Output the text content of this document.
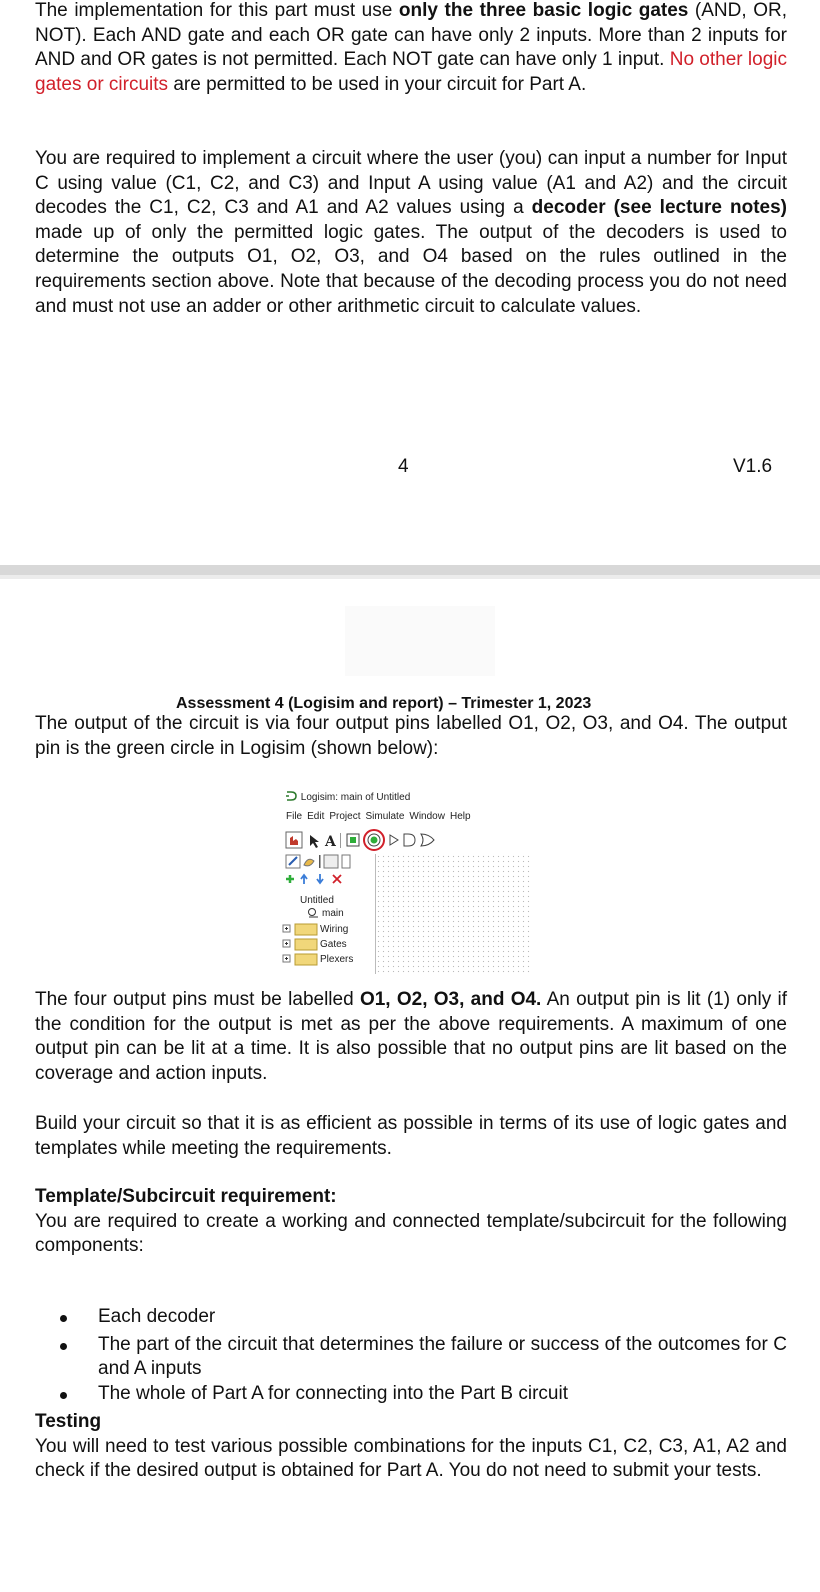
The implementation for this part must use only the three basic logic gates (AND, OR, NOT). Each AND gate and each OR gate can have only 2 inputs. More than 2 inputs for AND and OR gates is not permitted. Each NOT gate can have only 1 input. No other logic gates or circuits are permitted to be used in your circuit for Part A.

You are required to implement a circuit where the user (you) can input a number for Input C using value (C1, C2, and C3) and Input A using value (A1 and A2) and the circuit decodes the C1, C2, C3 and A1 and A2 values using a decoder (see lecture notes) made up of only the permitted logic gates. The output of the decoders is used to determine the outputs O1, O2, O3, and O4 based on the rules outlined in the requirements section above. Note that because of the decoding process you do not need and must not use an adder or other arithmetic circuit to calculate values.

4	V1.6
Assessment 4 (Logisim and report) – Trimester 1, 2023

The output of the circuit is via four output pins labelled O1, O2, O3, and O4. The output pin is the green circle in Logisim (shown below):

Logisim: main of Untitled
File Edit Project Simulate Window Help
A
Untitled
main
Wiring
Gates
Plexers

The four output pins must be labelled O1, O2, O3, and O4. An output pin is lit (1) only if the condition for the output is met as per the above requirements. A maximum of one output pin can be lit at a time. It is also possible that no output pins are lit based on the coverage and action inputs.

Build your circuit so that it is as efficient as possible in terms of its use of logic gates and templates while meeting the requirements.

Template/Subcircuit requirement:
You are required to create a working and connected template/subcircuit for the following components:

Each decoder
The part of the circuit that determines the failure or success of the outcomes for C and A inputs
The whole of Part A for connecting into the Part B circuit

Testing
You will need to test various possible combinations for the inputs C1, C2, C3, A1, A2 and check if the desired output is obtained for Part A. You do not need to submit your tests.
